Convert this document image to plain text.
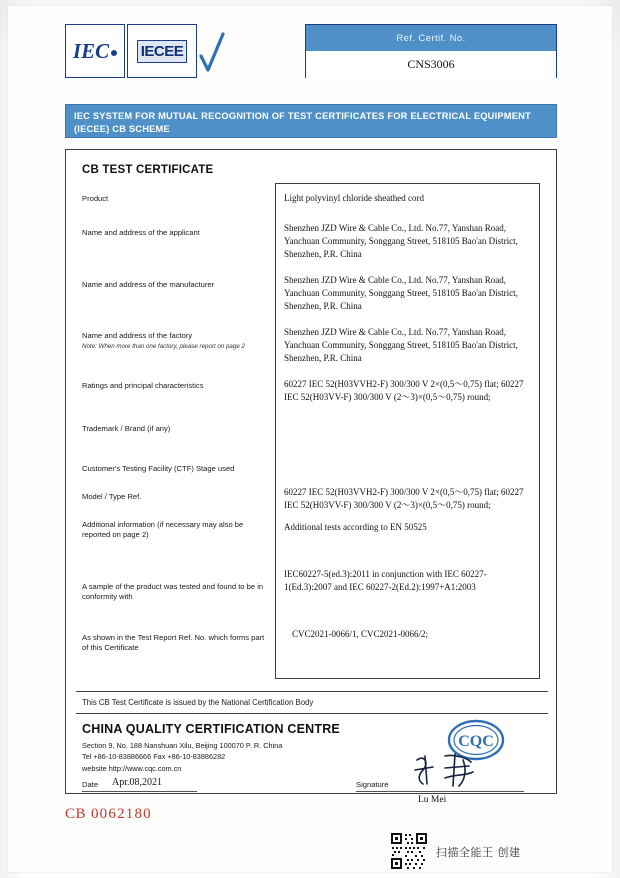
IEC	IECEE
Ref. Certif. No.
CNS3006
IEC SYSTEM FOR MUTUAL RECOGNITION OF TEST CERTIFICATES FOR ELECTRICAL EQUIPMENT
(IECEE) CB SCHEME
CB TEST CERTIFICATE
Product
Name and address of the applicant
Name and address of the manufacturer
Name and address of the factory
Note: When more than one factory, please report on page 2
Ratings and principal characteristics
Trademark / Brand (if any)
Customer's Testing Facility (CTF) Stage used
Model / Type Ref.
Additional information (if necessary may also be reported on page 2)
A sample of the product was tested and found to be in conformity with
As shown in the Test Report Ref. No. which forms part of this Certificate
Light polyvinyl chloride sheathed cord
Shenzhen JZD Wire & Cable Co., Ltd. No.77, Yanshan Road, Yanchuan Community, Songgang Street, 518105 Bao'an District, Shenzhen, P.R. China
Shenzhen JZD Wire & Cable Co., Ltd. No.77, Yanshan Road, Yanchuan Community, Songgang Street, 518105 Bao'an District, Shenzhen, P.R. China
Shenzhen JZD Wire & Cable Co., Ltd. No.77, Yanshan Road, Yanchuan Community, Songgang Street, 518105 Bao'an District, Shenzhen, P.R. China
60227 IEC 52(H03VVH2-F) 300/300 V 2×(0,5～0,75) flat; 60227 IEC 52(H03VV-F) 300/300 V (2～3)×(0,5～0,75) round;
60227 IEC 52(H03VVH2-F) 300/300 V 2×(0,5～0,75) flat; 60227 IEC 52(H03VV-F) 300/300 V (2～3)×(0,5～0,75) round;
Additional tests according to EN 50525
IEC60227-5(ed.3):2011 in conjunction with IEC 60227-1(Ed.3):2007 and IEC 60227-2(Ed.2):1997+A1:2003
CVC2021-0066/1, CVC2021-0066/2;
This CB Test Certificate is issued by the National Certification Body
CHINA QUALITY CERTIFICATION CENTRE
Section 9, No. 188 Nanshuan Xilu, Beijing 100070 P. R. China
Tel +86-10-83886666 Fax +86-10-83886282
website http://www.cqc.com.cn
CQC
Date Apr.08,2021	Signature
Lu Mei
CB 0062180
扫描全能王 创建
